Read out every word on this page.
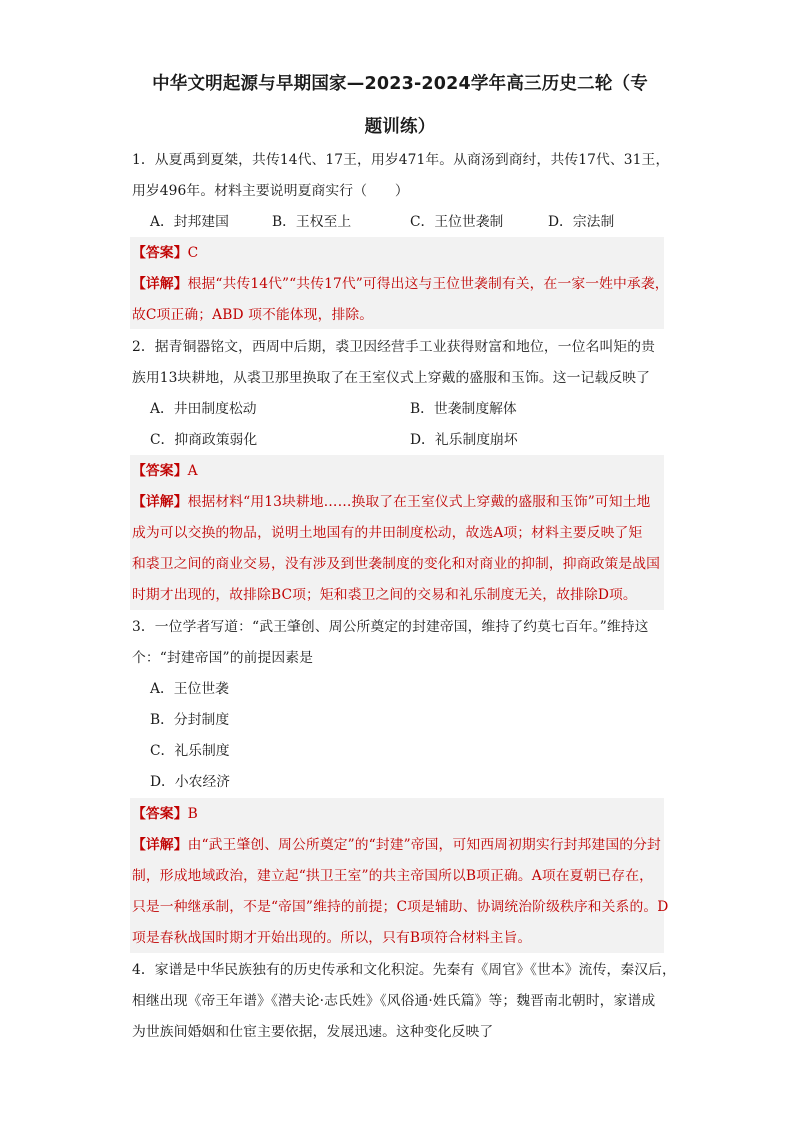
中华文明起源与早期国家—2023-2024学年高三历史二轮（专
题训练）
1．从夏禹到夏桀，共传14代、17王，用岁471年。从商汤到商纣，共传17代、31王，
用岁496年。材料主要说明夏商实行（　　）
A．封邦建国	B．王权至上	C．王位世袭制	D．宗法制
【答案】C
【详解】根据“共传14代”“共传17代”可得出这与王位世袭制有关，在一家一姓中承袭，
故C项正确；ABD 项不能体现，排除。
2．据青铜器铭文，西周中后期，裘卫因经营手工业获得财富和地位，一位名叫矩的贵
族用13块耕地，从裘卫那里换取了在王室仪式上穿戴的盛服和玉饰。这一记载反映了
A．井田制度松动	B．世袭制度解体
C．抑商政策弱化	D．礼乐制度崩坏
【答案】A
【详解】根据材料“用13块耕地……换取了在王室仪式上穿戴的盛服和玉饰”可知土地
成为可以交换的物品，说明土地国有的井田制度松动，故选A项；材料主要反映了矩
和裘卫之间的商业交易，没有涉及到世袭制度的变化和对商业的抑制，抑商政策是战国
时期才出现的，故排除BC项；矩和裘卫之间的交易和礼乐制度无关，故排除D项。
3．一位学者写道：“武王肇创、周公所奠定的封建帝国，维持了约莫七百年。”维持这
个：“封建帝国”的前提因素是
A．王位世袭
B．分封制度
C．礼乐制度
D．小农经济
【答案】B
【详解】由“武王肇创、周公所奠定”的“封建”帝国，可知西周初期实行封邦建国的分封
制，形成地域政治，建立起“拱卫王室”的共主帝国所以B项正确。A项在夏朝已存在，
只是一种继承制，不是“帝国”维持的前提；C项是辅助、协调统治阶级秩序和关系的。D
项是春秋战国时期才开始出现的。所以，只有B项符合材料主旨。
4．家谱是中华民族独有的历史传承和文化积淀。先秦有《周官》《世本》流传，秦汉后，
相继出现《帝王年谱》《潜夫论·志氏姓》《风俗通·姓氏篇》等；魏晋南北朝时，家谱成
为世族间婚姻和仕宦主要依据，发展迅速。这种变化反映了
